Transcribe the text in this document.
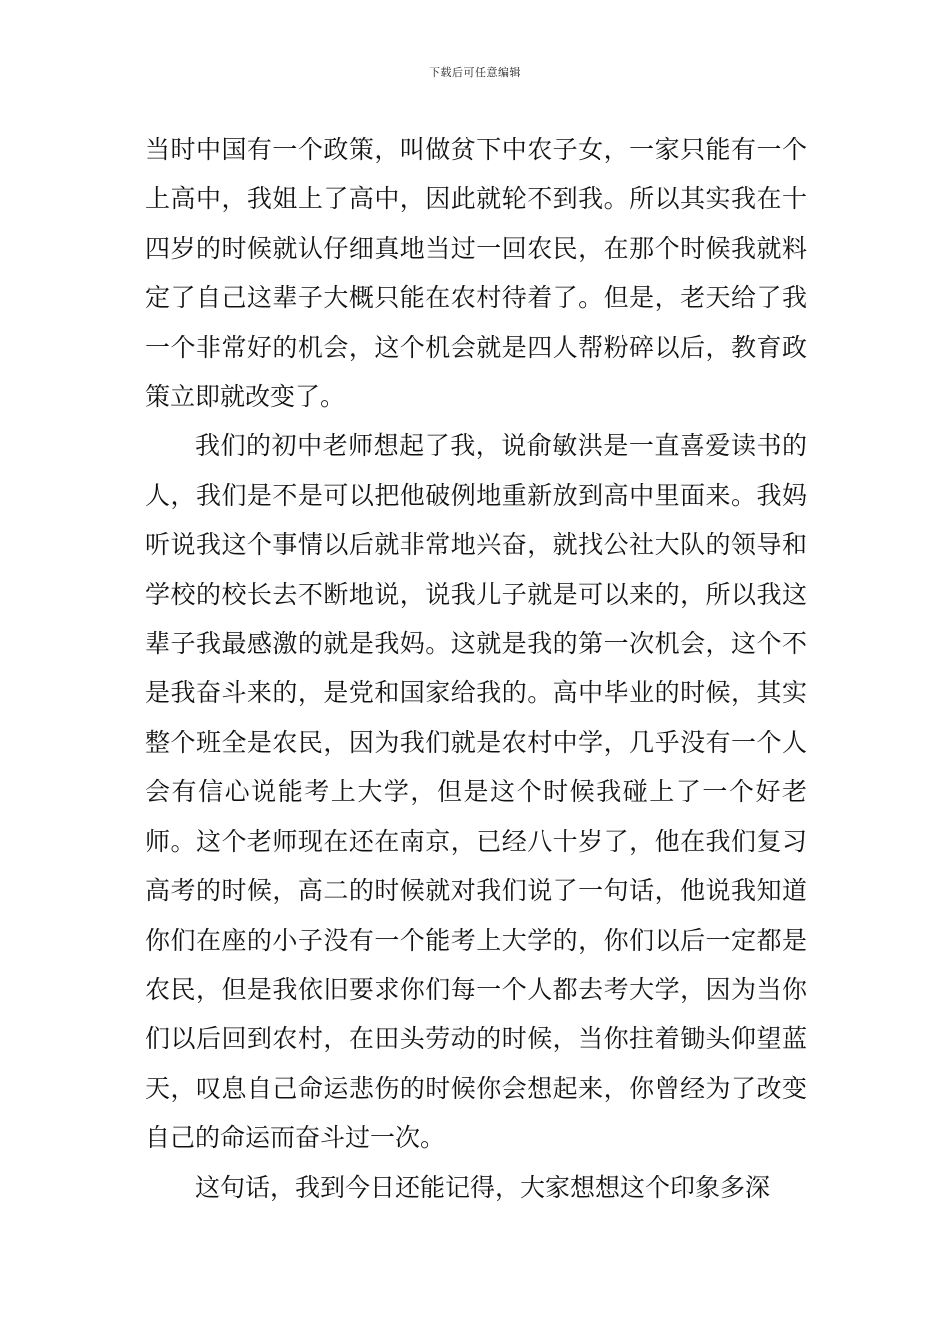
下载后可任意编辑

当时中国有一个政策，叫做贫下中农子女，一家只能有一个上高中，我姐上了高中，因此就轮不到我。所以其实我在十四岁的时候就认仔细真地当过一回农民，在那个时候我就料定了自己这辈子大概只能在农村待着了。但是，老天给了我一个非常好的机会，这个机会就是四人帮粉碎以后，教育政策立即就改变了。

我们的初中老师想起了我，说俞敏洪是一直喜爱读书的人，我们是不是可以把他破例地重新放到高中里面来。我妈听说我这个事情以后就非常地兴奋，就找公社大队的领导和学校的校长去不断地说，说我儿子就是可以来的，所以我这辈子我最感激的就是我妈。这就是我的第一次机会，这个不是我奋斗来的，是党和国家给我的。高中毕业的时候，其实整个班全是农民，因为我们就是农村中学，几乎没有一个人会有信心说能考上大学，但是这个时候我碰上了一个好老师。这个老师现在还在南京，已经八十岁了，他在我们复习高考的时候，高二的时候就对我们说了一句话，他说我知道你们在座的小子没有一个能考上大学的，你们以后一定都是农民，但是我依旧要求你们每一个人都去考大学，因为当你们以后回到农村，在田头劳动的时候，当你拄着锄头仰望蓝天，叹息自己命运悲伤的时候你会想起来，你曾经为了改变自己的命运而奋斗过一次。

这句话，我到今日还能记得，大家想想这个印象多深
